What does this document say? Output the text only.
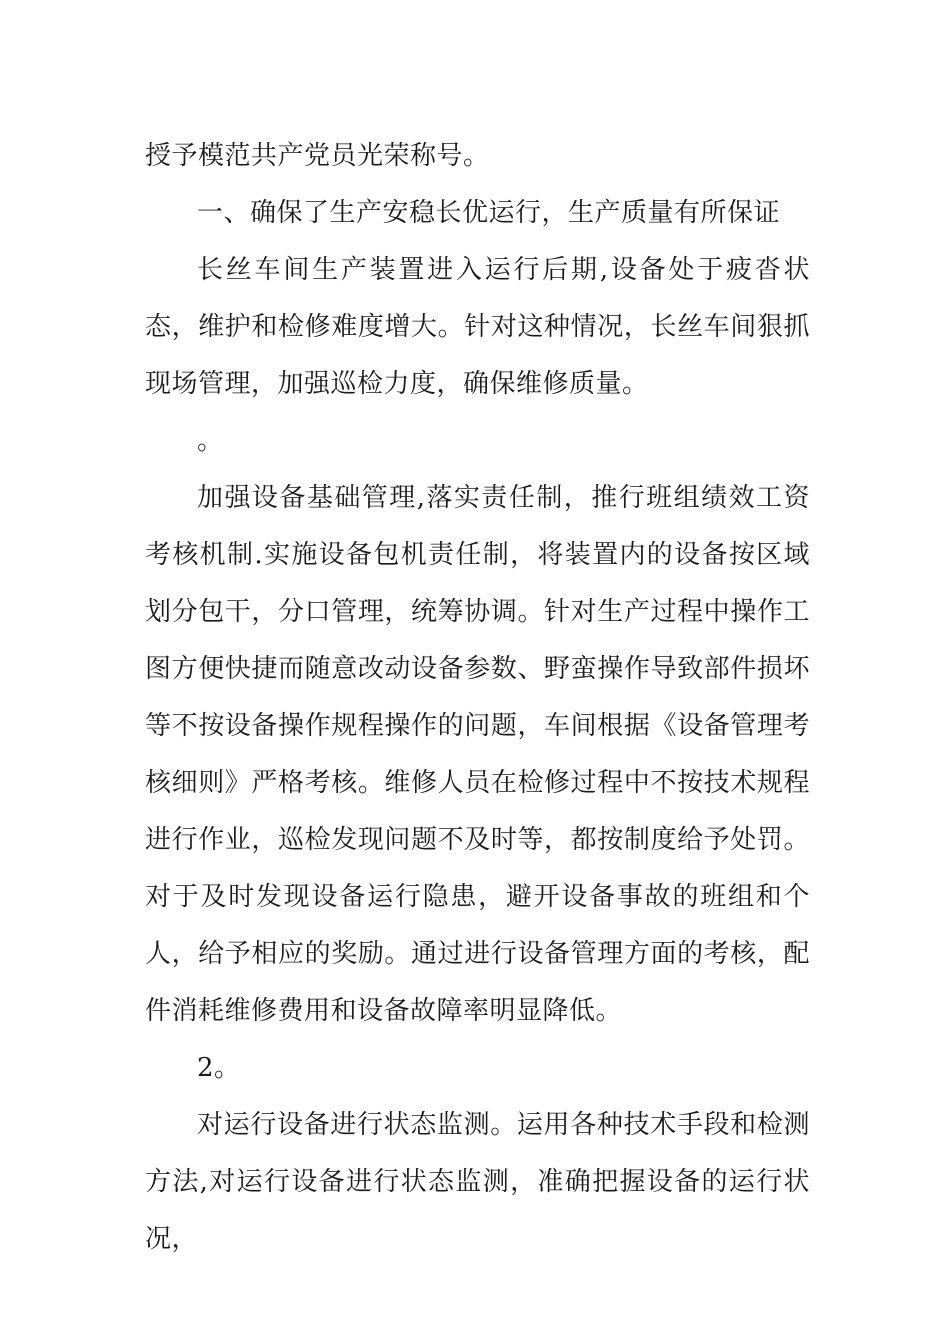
授予模范共产党员光荣称号。

一、确保了生产安稳长优运行，生产质量有所保证

长丝车间生产装置进入运行后期,设备处于疲沓状态，维护和检修难度增大。针对这种情况，长丝车间狠抓现场管理，加强巡检力度，确保维修质量。

。

加强设备基础管理,落实责任制，推行班组绩效工资考核机制.实施设备包机责任制，将装置内的设备按区域划分包干，分口管理，统筹协调。针对生产过程中操作工图方便快捷而随意改动设备参数、野蛮操作导致部件损坏等不按设备操作规程操作的问题，车间根据《设备管理考核细则》严格考核。维修人员在检修过程中不按技术规程进行作业，巡检发现问题不及时等，都按制度给予处罚。对于及时发现设备运行隐患，避开设备事故的班组和个人，给予相应的奖励。通过进行设备管理方面的考核，配件消耗维修费用和设备故障率明显降低。

2。

对运行设备进行状态监测。运用各种技术手段和检测方法,对运行设备进行状态监测，准确把握设备的运行状况，
